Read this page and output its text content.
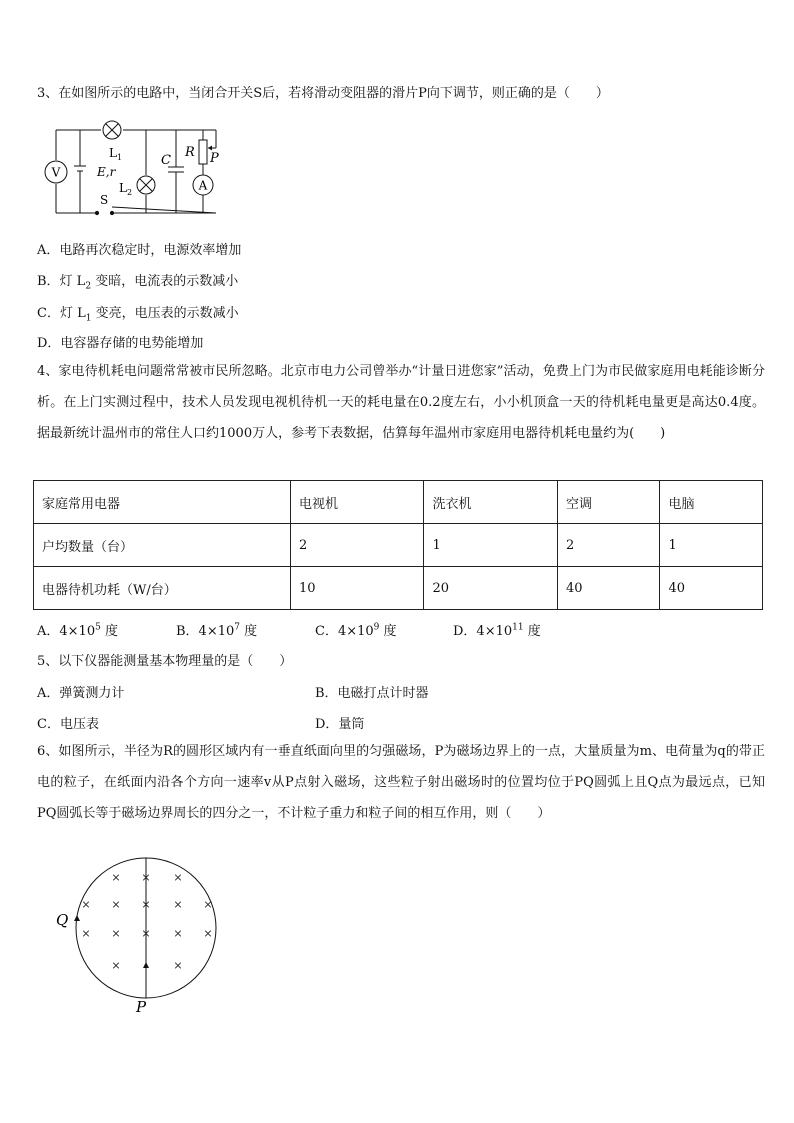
3、在如图所示的电路中，当闭合开关S后，若将滑动变阻器的滑片P向下调节，则正确的是（　　）
V
A
L 1
L 2
C
R P
E,r
S
A．电路再次稳定时，电源效率增加
B．灯 $L_2$ 变暗，电流表的示数减小
C．灯 $L_1$ 变亮，电压表的示数减小
D．电容器存储的电势能增加
4、家电待机耗电问题常常被市民所忽略。北京市电力公司曾举办“计量日进您家”活动，免费上门为市民做家庭用电耗能诊断分析。在上门实测过程中，技术人员发现电视机待机一天的耗电量在0.2度左右，小小机顶盒一天的待机耗电量更是高达0.4度。据最新统计温州市的常住人口约1000万人，参考下表数据，估算每年温州市家庭用电器待机耗电量约为(　　)
家庭常用电器	电视机	洗衣机	空调	电脑
户均数量（台）	2	1	2	1
电器待机功耗（W/台）	10	20	40	40
A．$4\times 10^5$ 度	B．$4\times 10^7$ 度	C．$4\times 10^9$ 度	D．$4\times 10^{11}$ 度
5、以下仪器能测量基本物理量的是（　　）
A．弹簧测力计	B．电磁打点计时器
C．电压表	D．量筒
6、如图所示，半径为R的圆形区域内有一垂直纸面向里的匀强磁场，P为磁场边界上的一点，大量质量为m、电荷量为q的带正电的粒子，在纸面内沿各个方向一速率v从P点射入磁场，这些粒子射出磁场时的位置均位于PQ圆弧上且Q点为最远点，已知PQ圆弧长等于磁场边界周长的四分之一，不计粒子重力和粒子间的相互作用，则（　　）
× × ×
× × × × ×
× × × × ×
×	×
Q
P
